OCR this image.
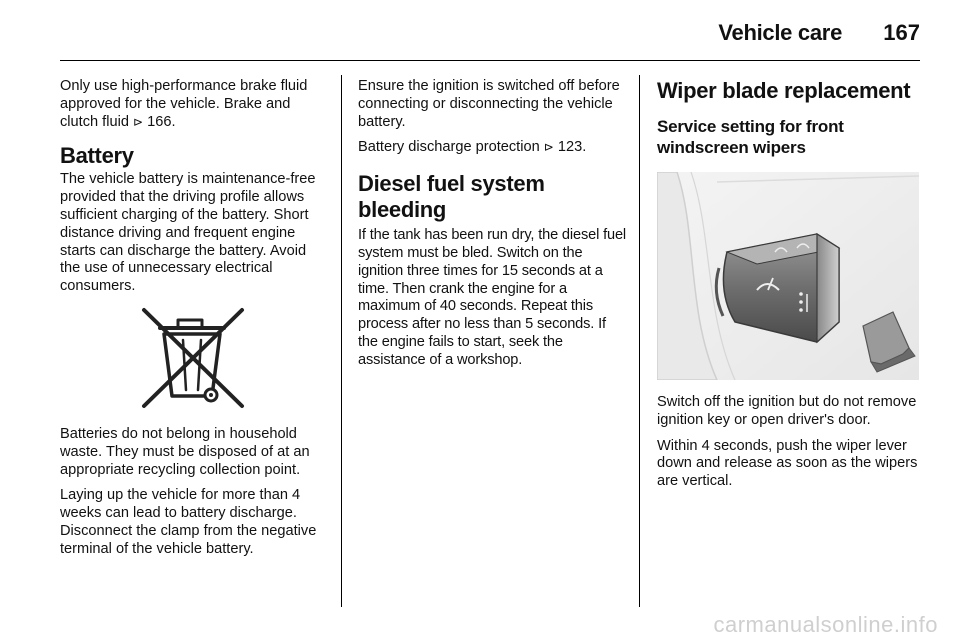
Vehicle care 167

Only use high-performance brake fluid approved for the vehicle. Brake and clutch fluid ⊳ 166.

Battery

The vehicle battery is maintenance-free provided that the driving profile allows sufficient charging of the battery. Short distance driving and frequent engine starts can discharge the battery. Avoid the use of unnecessary electrical consumers.

Batteries do not belong in household waste. They must be disposed of at an appropriate recycling collection point.

Laying up the vehicle for more than 4 weeks can lead to battery discharge. Disconnect the clamp from the negative terminal of the vehicle battery.

Ensure the ignition is switched off before connecting or disconnecting the vehicle battery.

Battery discharge protection ⊳ 123.

Diesel fuel system bleeding

If the tank has been run dry, the diesel fuel system must be bled. Switch on the ignition three times for 15 seconds at a time. Then crank the engine for a maximum of 40 seconds. Repeat this process after no less than 5 seconds. If the engine fails to start, seek the assistance of a workshop.

Wiper blade replacement
Service setting for front windscreen wipers

Switch off the ignition but do not remove ignition key or open driver's door.

Within 4 seconds, push the wiper lever down and release as soon as the wipers are vertical.

carmanualsonline.info
